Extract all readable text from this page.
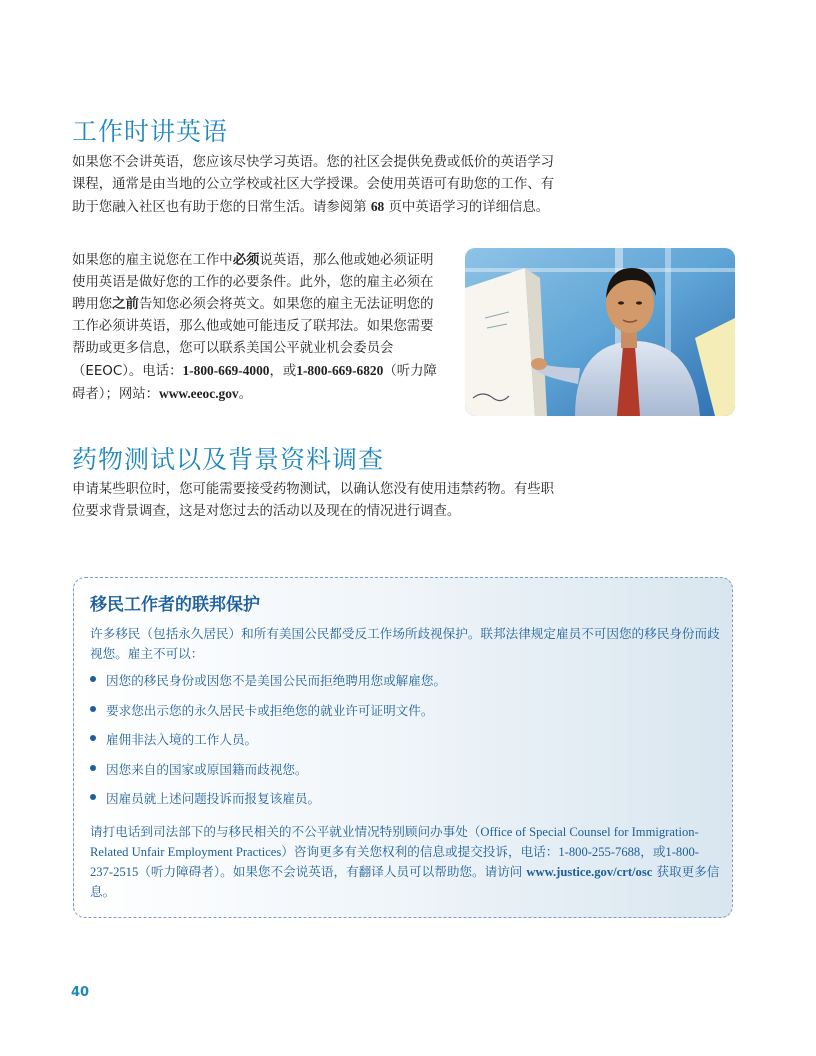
工作时讲英语

如果您不会讲英语，您应该尽快学习英语。您的社区会提供免费或低价的英语学习课程，通常是由当地的公立学校或社区大学授课。会使用英语可有助您的工作、有助于您融入社区也有助于您的日常生活。请参阅第 68 页中英语学习的详细信息。

如果您的雇主说您在工作中必须说英语，那么他或她必须证明使用英语是做好您的工作的必要条件。此外，您的雇主必须在聘用您之前告知您必须会将英文。如果您的雇主无法证明您的工作必须讲英语，那么他或她可能违反了联邦法。如果您需要帮助或更多信息，您可以联系美国公平就业机会委员会（EEOC）。电话：1-800-669-4000，或1-800-669-6820（听力障碍者）；网站：www.eeoc.gov。

药物测试以及背景资料调查

申请某些职位时，您可能需要接受药物测试，以确认您没有使用违禁药物。有些职位要求背景调查，这是对您过去的活动以及现在的情况进行调查。

移民工作者的联邦保护

许多移民（包括永久居民）和所有美国公民都受反工作场所歧视保护。联邦法律规定雇员不可因您的移民身份而歧视您。雇主不可以：

因您的移民身份或因您不是美国公民而拒绝聘用您或解雇您。
要求您出示您的永久居民卡或拒绝您的就业许可证明文件。
雇佣非法入境的工作人员。
因您来自的国家或原国籍而歧视您。
因雇员就上述问题投诉而报复该雇员。

请打电话到司法部下的与移民相关的不公平就业情况特别顾问办事处（Office of Special Counsel for Immigration-Related Unfair Employment Practices）咨询更多有关您权利的信息或提交投诉，电话：1-800-255-7688，或1-800-237-2515（听力障碍者）。如果您不会说英语，有翻译人员可以帮助您。请访问 www.justice.gov/crt/osc 获取更多信息。

40
